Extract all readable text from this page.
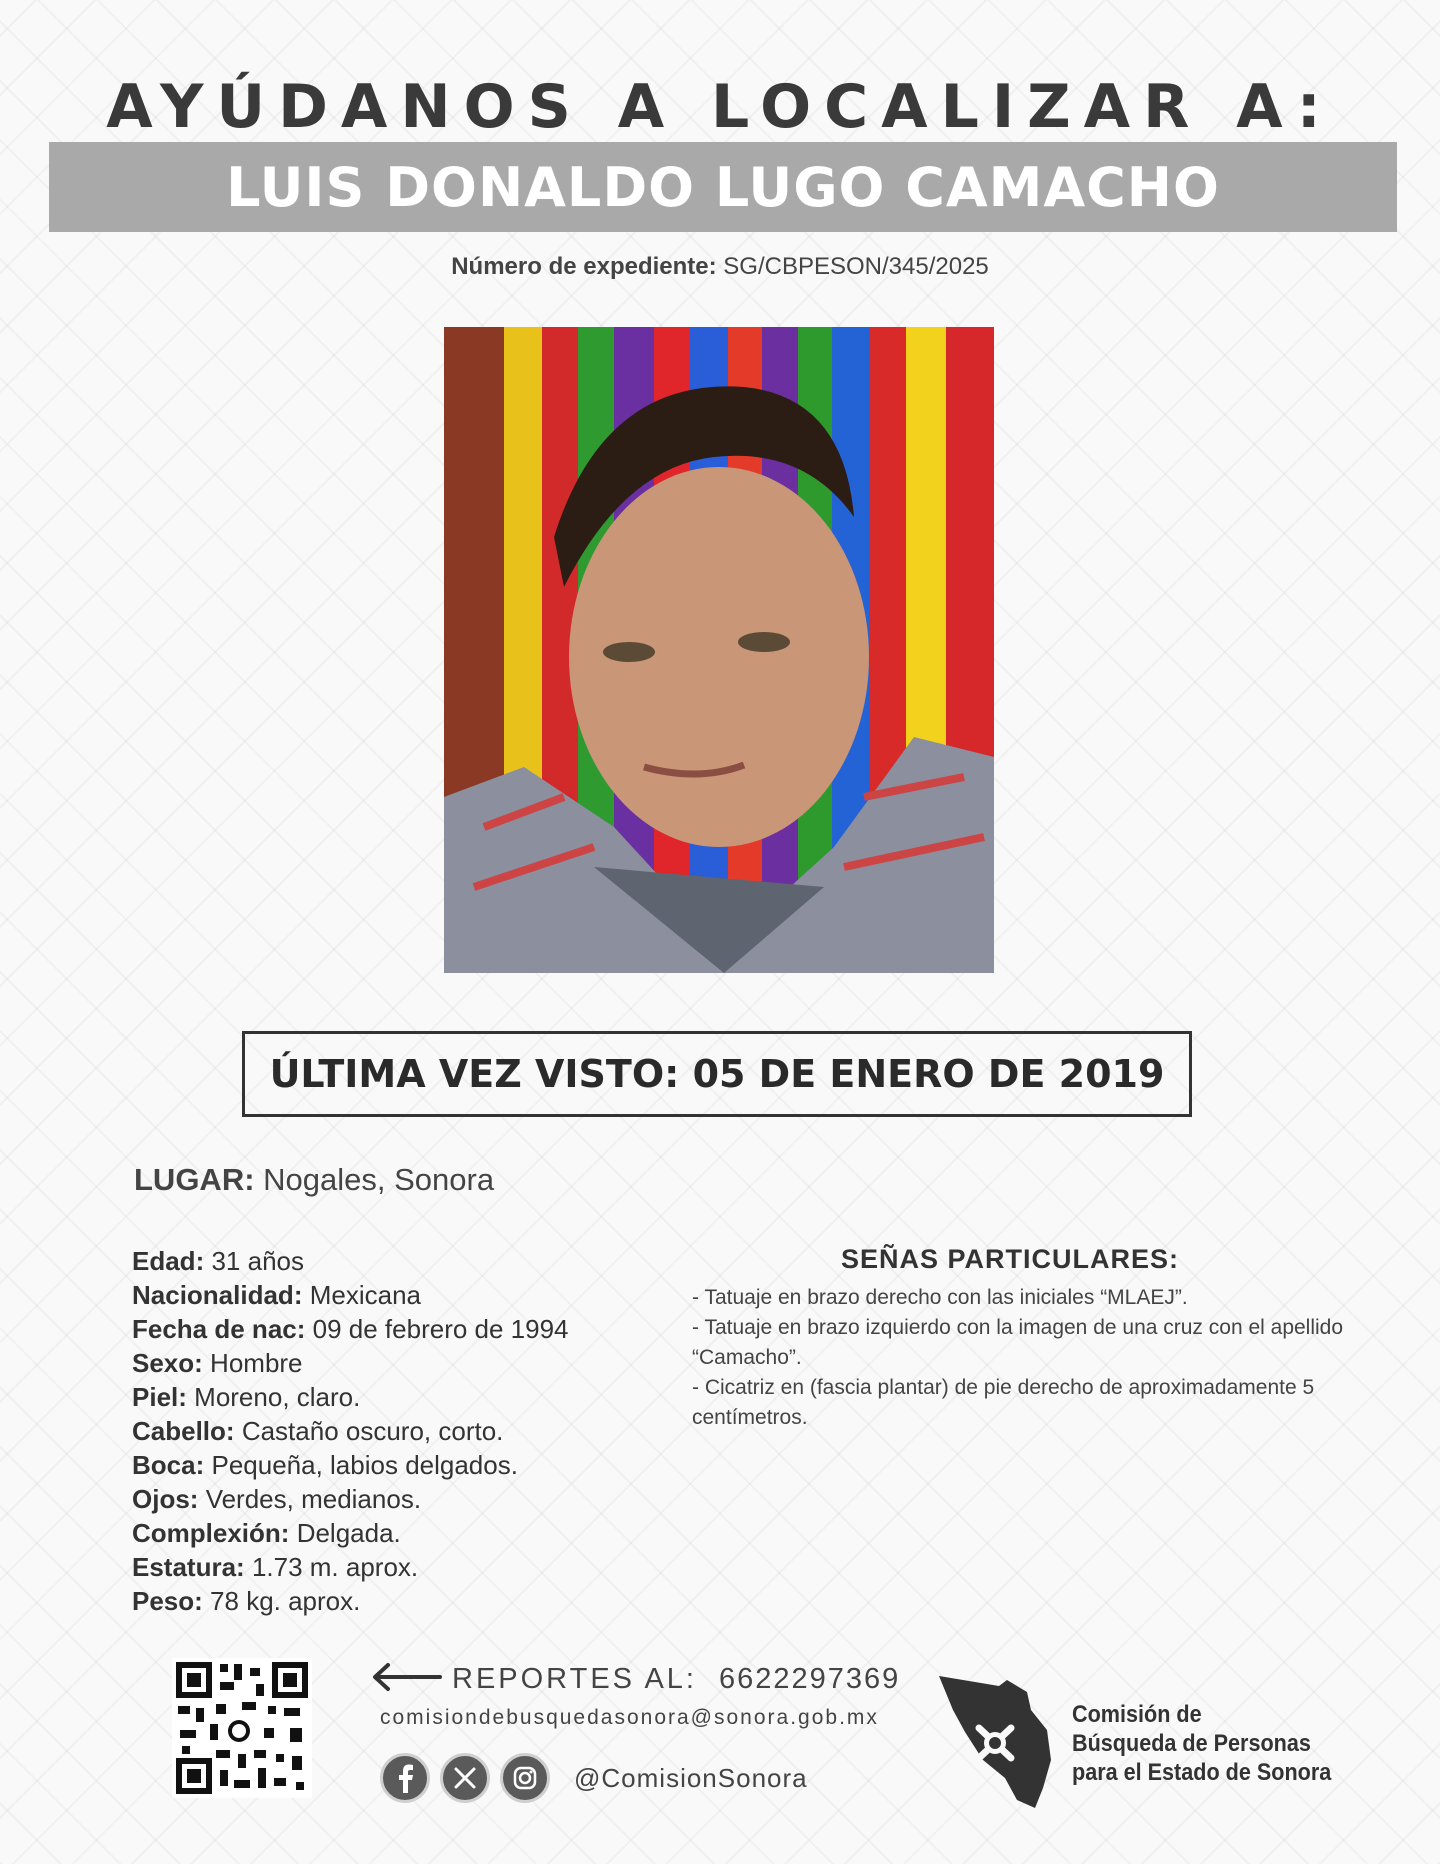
AYÚDANOS A LOCALIZAR A:
LUIS DONALDO LUGO CAMACHO
Número de expediente: SG/CBPESON/345/2025
ÚLTIMA VEZ VISTO: 05 DE ENERO DE 2019
LUGAR: Nogales, Sonora
Edad: 31 años
Nacionalidad: Mexicana
Fecha de nac: 09 de febrero de 1994
Sexo: Hombre
Piel: Moreno, claro.
Cabello: Castaño oscuro, corto.
Boca: Pequeña, labios delgados.
Ojos: Verdes, medianos.
Complexión: Delgada.
Estatura: 1.73 m. aprox.
Peso: 78 kg. aprox.
SEÑAS PARTICULARES:
- Tatuaje en brazo derecho con las iniciales “MLAEJ”.
- Tatuaje en brazo izquierdo con la imagen de una cruz con el apellido “Camacho”.
- Cicatriz en (fascia plantar) de pie derecho de aproximadamente 5 centímetros.
REPORTES AL: 6622297369
comisiondebusquedasonora@sonora.gob.mx
@ComisionSonora
Comisión de
Búsqueda de Personas
para el Estado de Sonora
